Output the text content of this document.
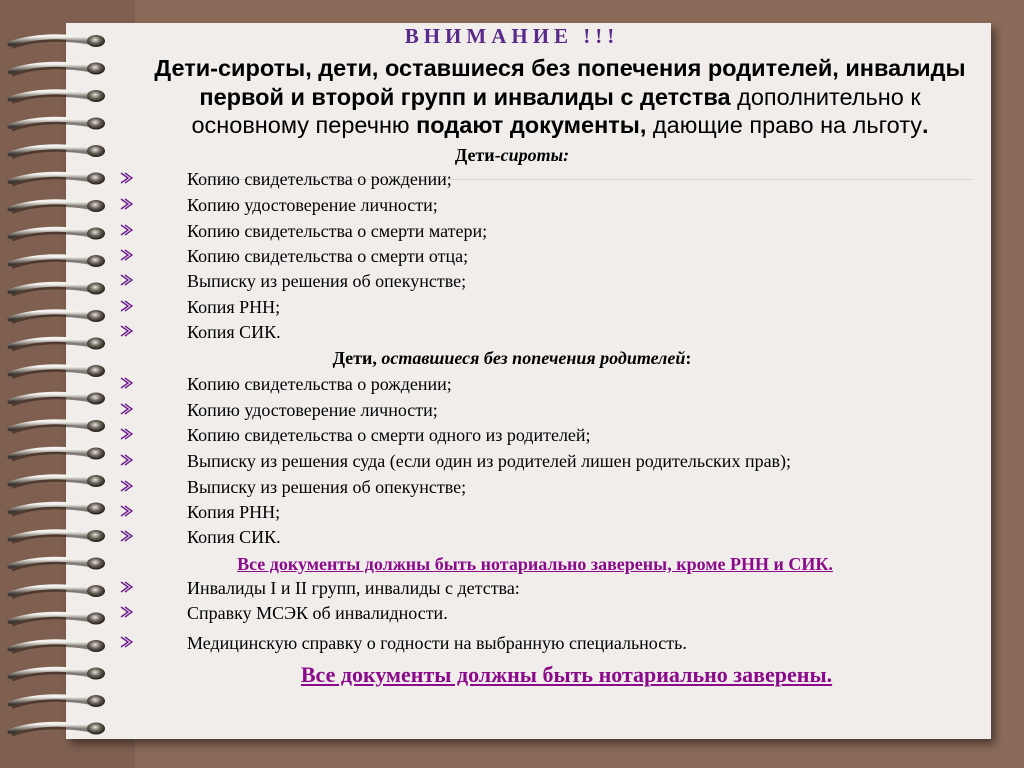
ВНИМАНИЕ !!!
Дети-сироты, дети, оставшиеся без попечения родителей, инвалиды
первой и второй групп и инвалиды с детства дополнительно к
основному перечню подают документы, дающие право на льготу.
Дети-сироты:
Копию свидетельства о рождении;
Копию удостоверение личности;
Копию свидетельства о смерти матери;
Копию свидетельства о смерти отца;
Выписку из решения об опекунстве;
Копия РНН;
Копия СИК.
Дети, оставшиеся без попечения родителей:
Копию свидетельства о рождении;
Копию удостоверение личности;
Копию свидетельства о смерти одного из родителей;
Выписку из решения суда (если один из родителей лишен родительских прав);
Выписку из решения об опекунстве;
Копия РНН;
Копия СИК.
Все документы должны быть нотариально заверены, кроме РНН и СИК.
Инвалиды I и II групп, инвалиды с детства:
Справку МСЭК об инвалидности.
Медицинскую справку о годности на выбранную специальность.
Все документы должны быть нотариально заверены.
